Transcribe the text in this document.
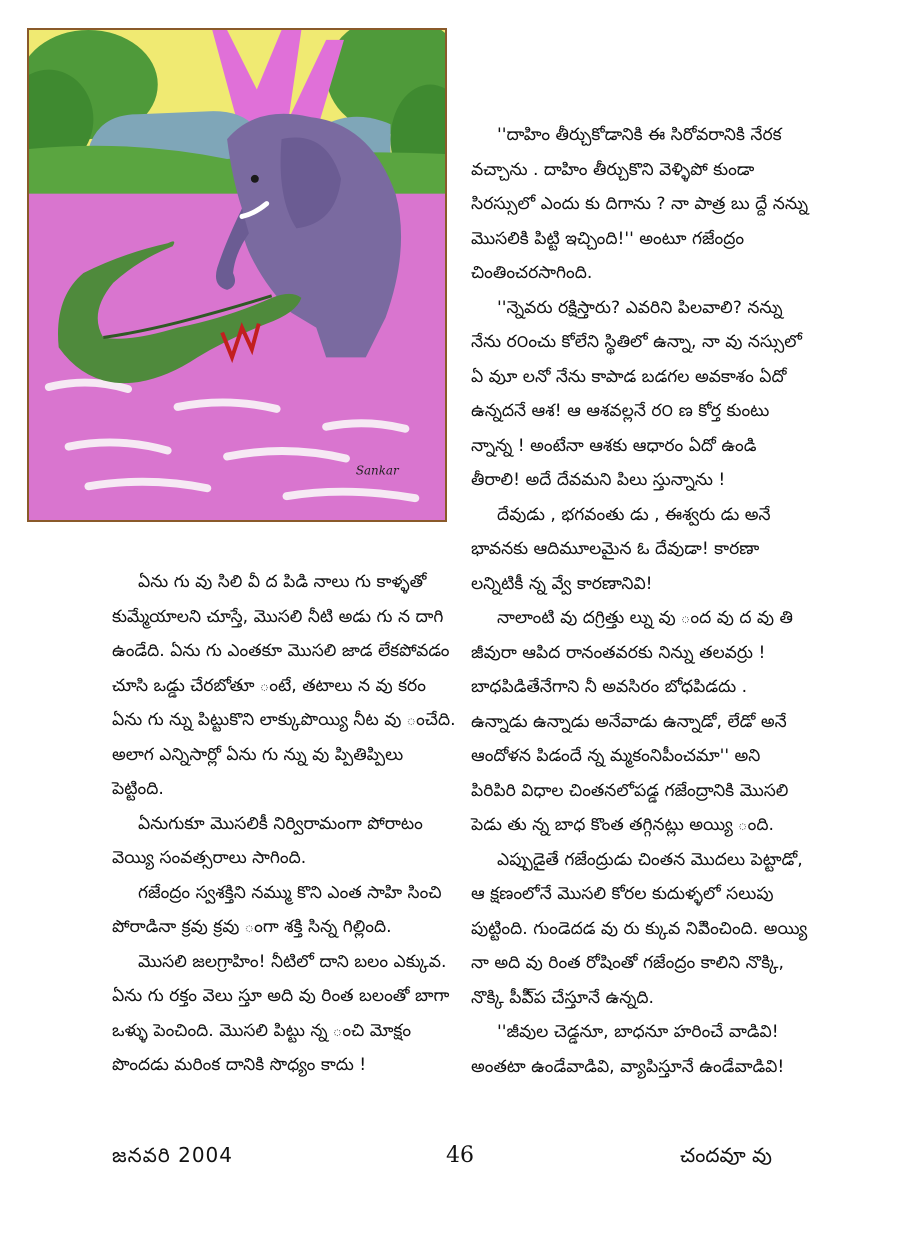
Sankar

''దాహిం తీర్చుకోడానికి ఈ సిరోవరానికి నేరక వచ్చాను . దాహిం తీర్చుకొని వెళ్ళిపో కుండా సిరస్సులో ఎందు కు దిగాను ? నా పాత్ర బు ద్దే నన్ను మొసలికి పిట్టి ఇచ్చింది!'' అంటూ గజేంద్రం చింతించరసాగింది.

''న్నెవరు రక్షిస్తారు? ఎవరిని పిలవాలి? నన్ను నేను ర౦ంచు కోలేని స్థితిలో ఉన్నా, నా వు నస్సులో ఏ వుూ లనో నేను కాపాడ బడగల అవకాశం ఏదో ఉన్నదనే ఆశ! ఆ ఆశవల్లనే ర౦ ణ కోర్త కుంటు న్నాన్న ! అంటేనా ఆశకు ఆధారం ఏదో ఉండి తీరాలి! అదే దేవమని పిలు స్తున్నాను !

దేవుడు , భగవంతు డు , ఈశ్వరు డు అనే భావనకు ఆదిమూలమైన ఓ దేవుడా! కారణా లన్నిటికీ న్న వ్వే కారణానివి!

నాలాంటి వు దగ్రిత్తు ల్ను వు ంద వు ద వు తి జీవురా ఆపిద రానంతవరకు నిన్ను తలవర్రు ! బాధపిడితేనేగాని నీ అవసిరం బోధపిడదు . ఉన్నాడు ఉన్నాడు అనేవాడు ఉన్నాడో, లేడో అనే ఆందోళన పిడందే న్న మ్మకంనిపీంచమా'' అని పిరిపిరి విధాల చింతనలోపడ్డ గజేంద్రానికి మొసలి పెడు తు న్న బాధ కొంత తగ్గినట్లు అయ్యి ంది.

ఎప్పుడైతే గజేంద్రుడు చింతన మొదలు పెట్టాడో, ఆ క్షణంలోనే మొసలి కోరల కుదుళ్ళలో సలుపు పుట్టింది. గుండెదడ వు రు క్కువ నిపిించింది. అయ్యి నా అది వు రింత రోషింతో గజేంద్రం కాలిని నొక్కి, నొక్కి పీపీ్ప చేస్తూనే ఉన్నది.

''జీవుల చెడ్డనూ, బాధనూ హరించే వాడివి! అంతటా ఉండేవాడివి, వ్యాపిస్తూనే ఉండేవాడివి!

ఏను గు వు సిలి వీ ద పిడి నాలు గు కాళ్ళతో కుమ్మేయాలని చూస్తే, మొసలి నీటి అడు గు న దాగి ఉండేది. ఏను గు ఎంతకూ మొసలి జాడ లేకపోవడం చూసి ఒడ్డు చేరబోతూ ంటే, తటాలు న వు కరం ఏను గు న్ను పిట్టుకొని లాక్కుపొయ్యి నీట వు ంచేది. అలాగ ఎన్నిసార్లో ఏను గు న్ను వు ప్పితిప్పిలు పెట్టింది.

ఏనుగుకూ మొసలికీ నిర్విరామంగా పోరాటం వెయ్యి సంవత్సరాలు సాగింది.

గజేంద్రం స్వశక్తిని నమ్ము కొని ఎంత సాహి సించి పోరాడినా క్రవు క్రవు ంగా శక్తి సిన్న గిల్లింది.

మొసలి జలగ్రాహిం! నీటిలో దాని బలం ఎక్కువ. ఏను గు రక్తం వెలు స్తూ అది వు రింత బలంతో బాగా ఒళ్ళు పెంచింది. మొసలి పిట్టు న్న ంచి మోక్షం పొందడు మరింక దానికి సొధ్యం కాదు !

జనవరి 2004	46	చందవూ వు
